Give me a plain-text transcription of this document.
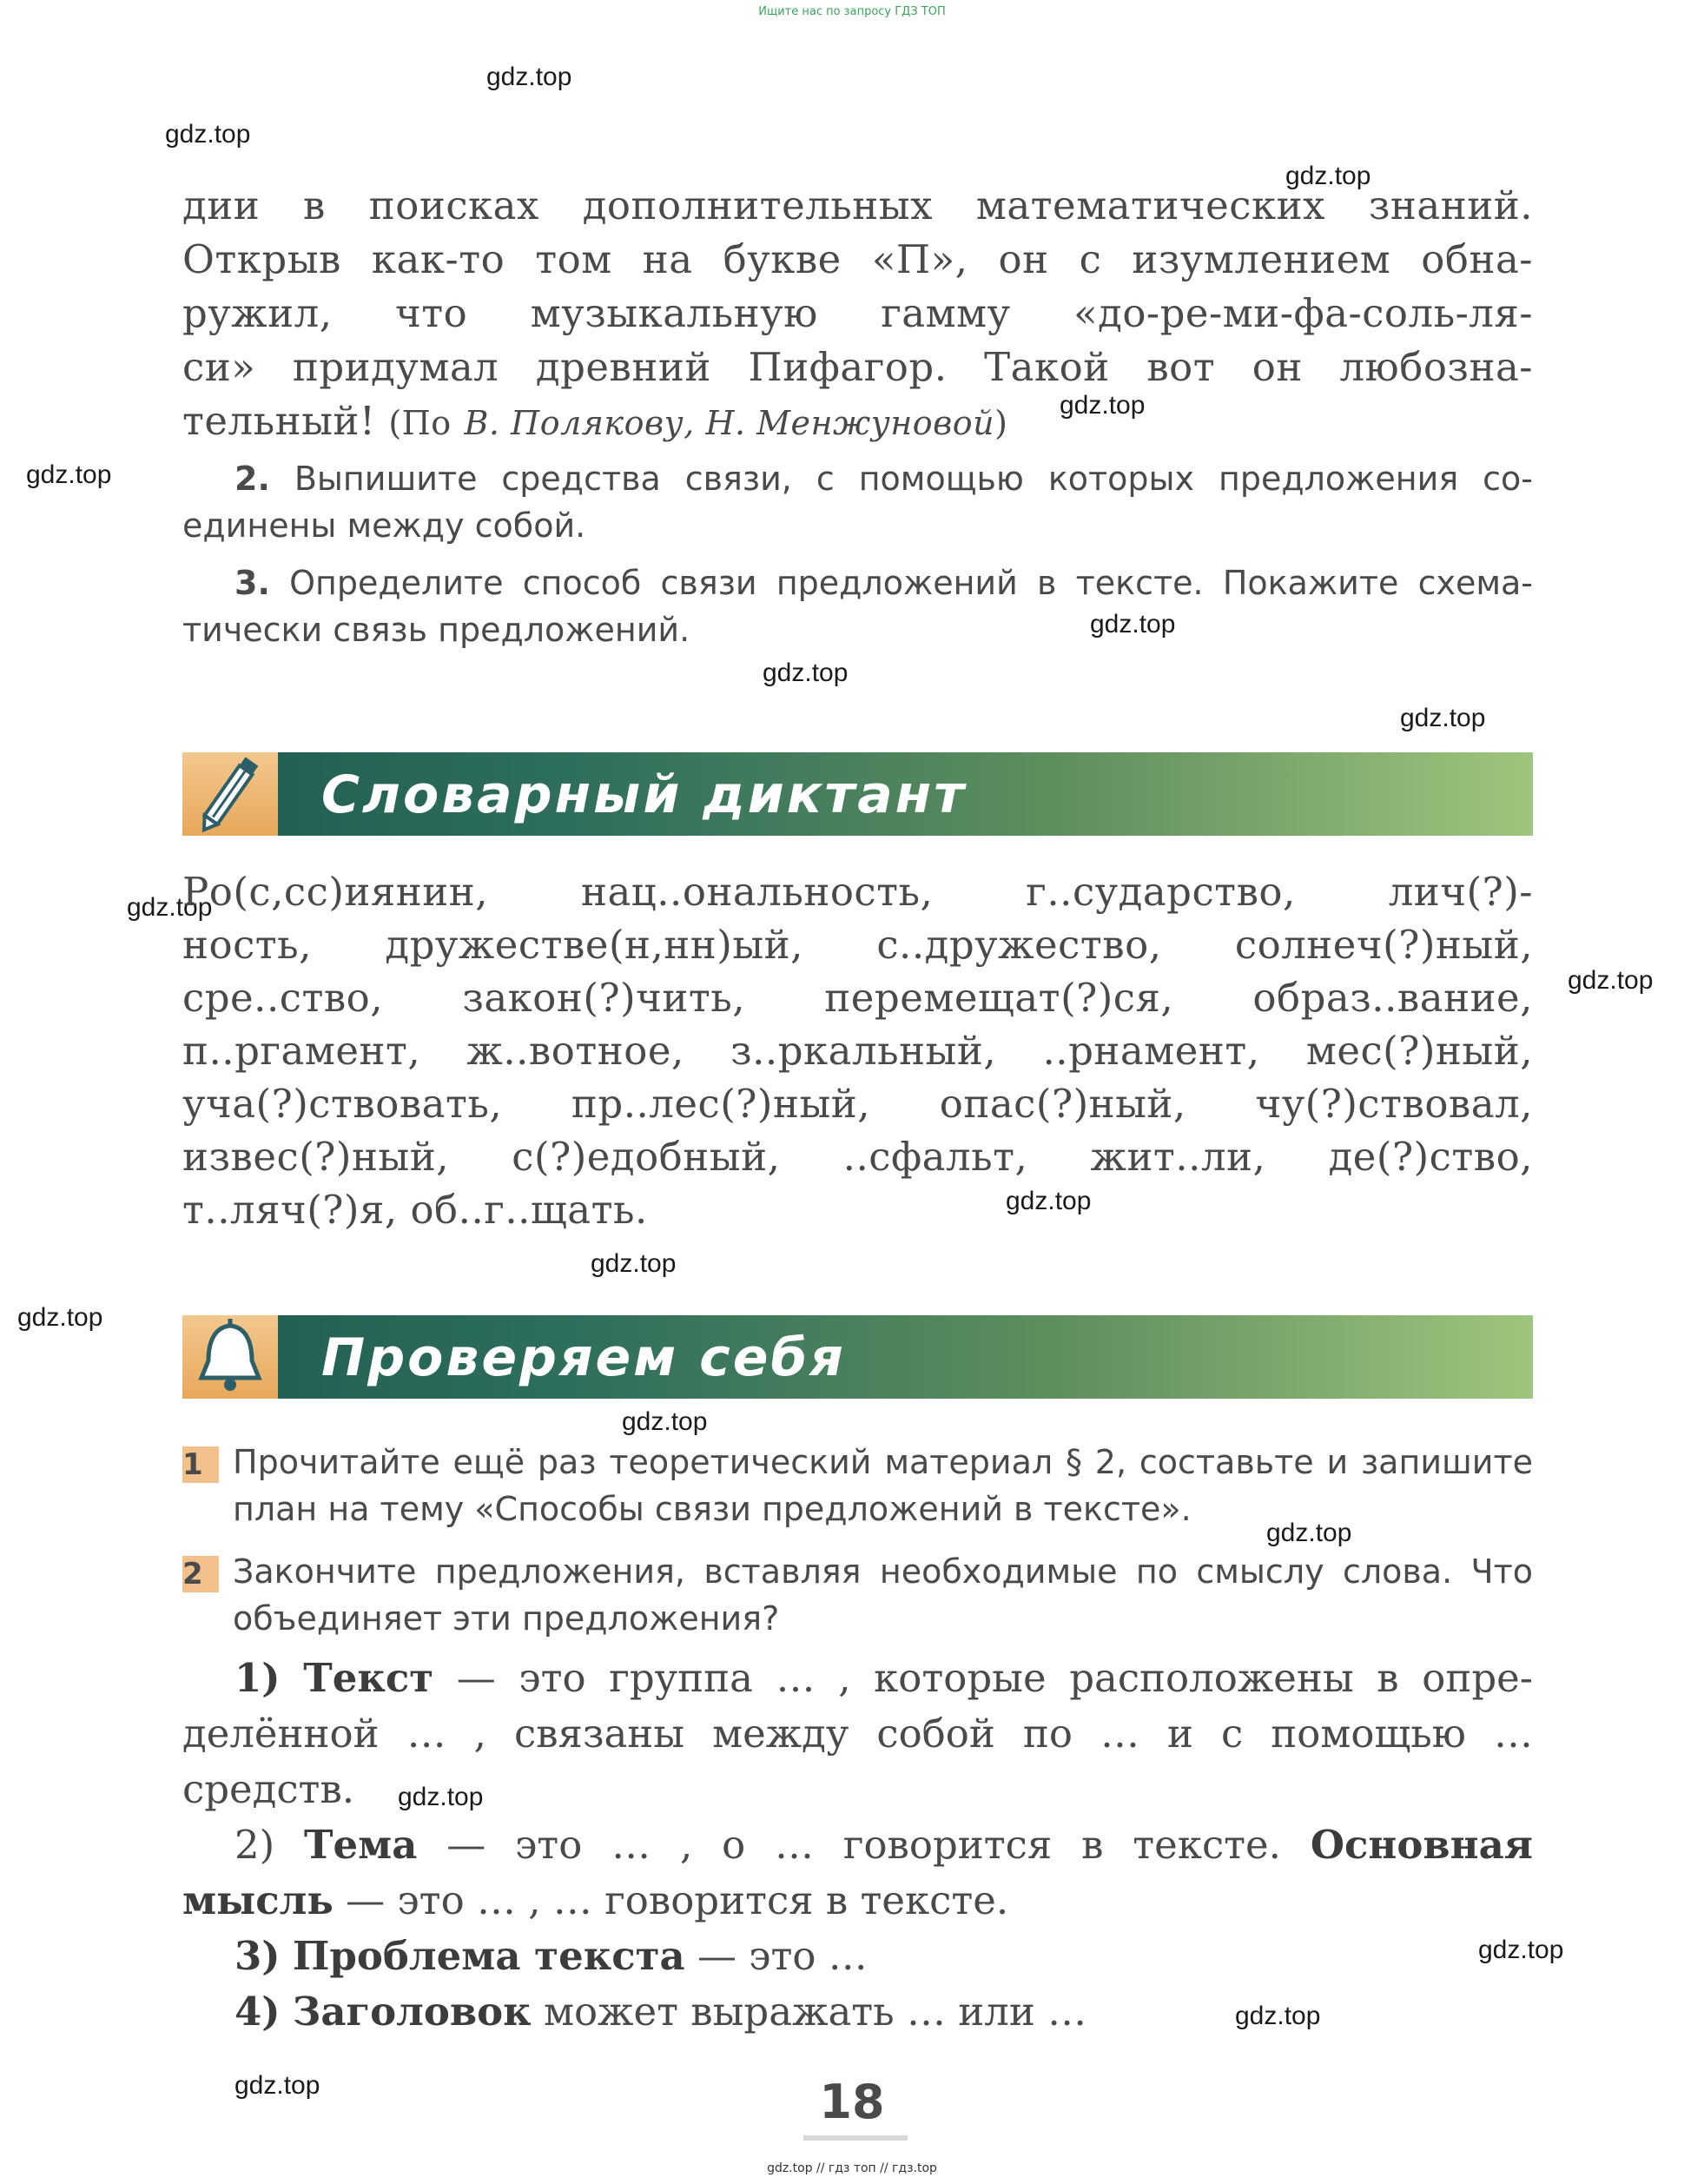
Ищите нас по запросу ГДЗ ТОП
gdz.top
gdz.top
gdz.top
gdz.top
gdz.top
gdz.top
gdz.top
gdz.top
gdz.top
gdz.top
gdz.top
gdz.top
gdz.top
gdz.top
gdz.top
gdz.top
gdz.top
gdz.top
gdz.top
дии в поисках дополнительных математических знаний.
Открыв как-то том на букве «П», он с изумлением обна-
ружил, что музыкальную гамму «до-ре-ми-фа-соль-ля-
си» придумал древний Пифагор. Такой вот он любозна-
тельный! (По В. Полякову, Н. Менжуновой)
2. Выпишите средства связи, с помощью которых предложения со-
единены между собой.
3. Определите способ связи предложений в тексте. Покажите схема-
тически связь предложений.
Словарный диктант
Ро(с,сс)иянин, нац..ональность, г..сударство, лич(?)-
ность, дружестве(н,нн)ый, с..дружество, солнеч(?)ный,
сре..ство, закон(?)чить, перемещат(?)ся, образ..вание,
п..ргамент, ж..вотное, з..ркальный, ..рнамент, мес(?)ный,
уча(?)ствовать, пр..лес(?)ный, опас(?)ный, чу(?)ствовал,
извес(?)ный, с(?)едобный, ..сфальт, жит..ли, де(?)ство,
т..ляч(?)я, об..г..щать.
Проверяем себя
1 Прочитайте ещё раз теоретический материал § 2, составьте и запишите
план на тему «Способы связи предложений в тексте».
2 Закончите предложения, вставляя необходимые по смыслу слова. Что
объединяет эти предложения?
1) Текст — это группа … , которые расположены в опре-
делённой … , связаны между собой по … и с помощью …
средств.
2) Тема — это … , о … говорится в тексте. Основная
мысль — это … , … говорится в тексте.
3) Проблема текста — это …
4) Заголовок может выражать … или …
18
gdz.top // гдз топ // гдз.top
